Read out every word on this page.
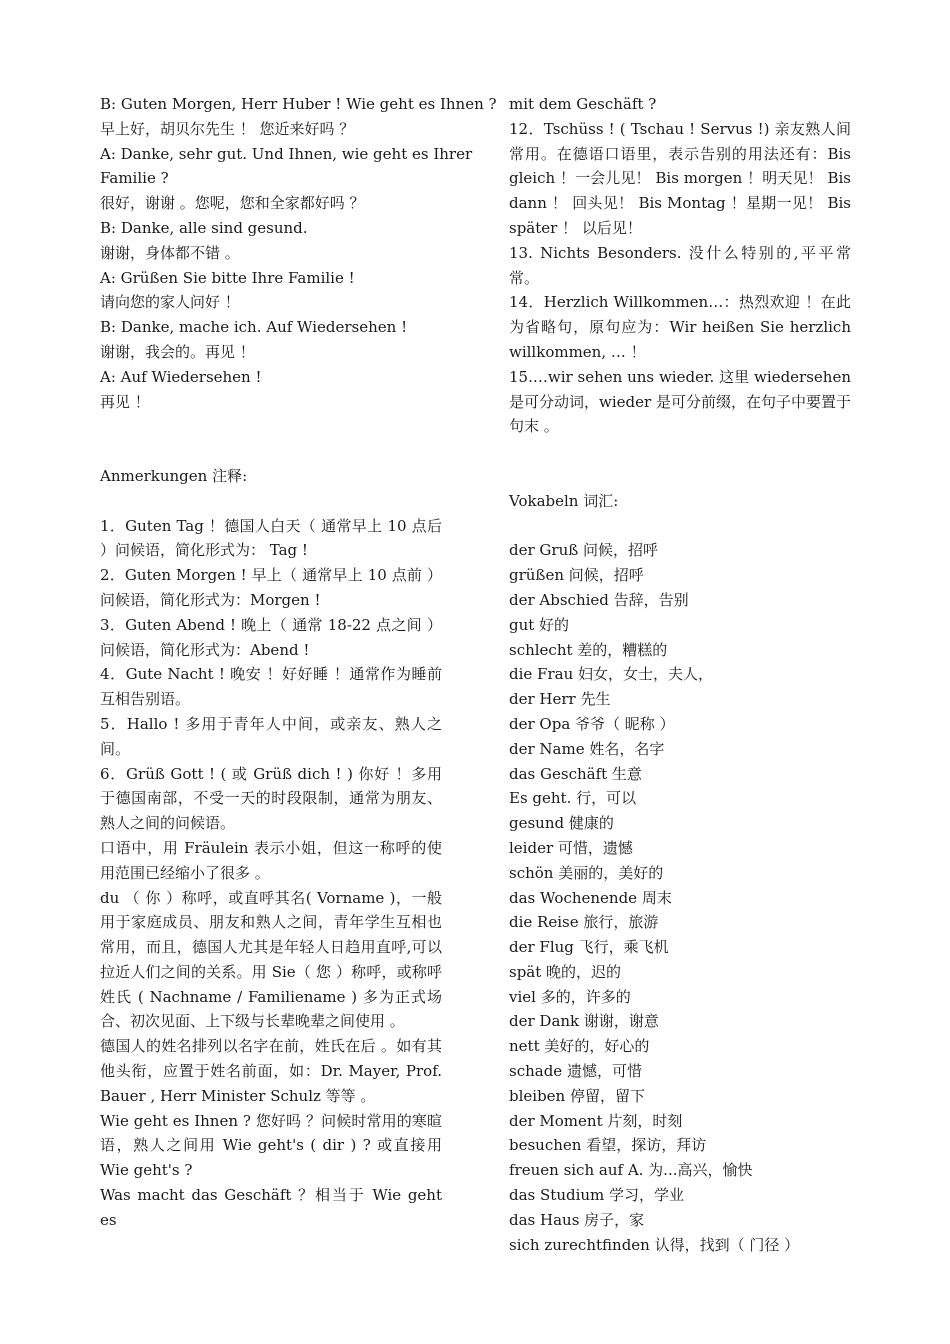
B: Guten Morgen, Herr Huber ! Wie geht es Ihnen ?
早上好，胡贝尔先生 ！ 您近来好吗 ？
A: Danke, sehr gut. Und Ihnen, wie geht es Ihrer
Familie ?
很好，谢谢 。您呢，您和全家都好吗 ？
B: Danke, alle sind gesund.
谢谢，身体都不错 。
A: Grüßen Sie bitte Ihre Familie !
请向您的家人问好 ！
B: Danke, mache ich. Auf Wiedersehen !
谢谢，我会的。再见 ！
A: Auf Wiedersehen !
再见 ！
Anmerkungen 注释:
1．Guten Tag ！德国人白天（ 通常早上 10 点后 ）问候语，简化形式为： Tag !
2．Guten Morgen ! 早上（ 通常早上 10 点前 ）问候语，简化形式为：Morgen !
3．Guten Abend ! 晚上（ 通常 18-22 点之间 ）问候语，简化形式为：Abend !
4．Gute Nacht ! 晚安 ！好好睡 ！通常作为睡前互相告别语。
5．Hallo ! 多用于青年人中间，或亲友、熟人之间。
6．Grüß Gott ! ( 或 Grüß dich ! ) 你好 ！多用于德国南部，不受一天的时段限制，通常为朋友、熟人之间的问候语。
口语中，用 Fräulein 表示小姐，但这一称呼的使用范围已经缩小了很多 。
du （ 你 ）称呼，或直呼其名( Vorname )，一般用于家庭成员、朋友和熟人之间，青年学生互相也常用，而且，德国人尤其是年轻人日趋用直呼,可以拉近人们之间的关系。用 Sie（ 您 ）称呼，或称呼姓氏 ( Nachname / Familiename ) 多为正式场合、初次见面、上下级与长辈晚辈之间使用 。
德国人的姓名排列以名字在前，姓氏在后 。如有其他头衔，应置于姓名前面，如：Dr. Mayer, Prof. Bauer , Herr Minister Schulz 等等 。
Wie geht es Ihnen ? 您好吗 ？问候时常用的寒暄语，熟人之间用 Wie geht's ( dir ) ? 或直接用 Wie geht's ?
Was macht das Geschäft ？相当于 Wie geht es
mit dem Geschäft ?
12．Tschüss ! ( Tschau ! Servus !) 亲友熟人间常用。在德语口语里，表示告别的用法还有：Bis gleich ！一会儿见！ Bis morgen ！明天见！ Bis dann ！ 回头见！ Bis Montag ！星期一见！ Bis später ！ 以后见！
13. Nichts Besonders. 没什么特别的,平平常常。
14．Herzlich Willkommen…：热烈欢迎 ！在此为省略句，原句应为：Wir heißen Sie herzlich willkommen, … ！
15.…wir sehen uns wieder. 这里 wiedersehen 是可分动词，wieder 是可分前缀，在句子中要置于句末 。
Vokabeln 词汇:
der Gruß 问候，招呼
grüßen 问候，招呼
der Abschied 告辞，告别
gut 好的
schlecht 差的，糟糕的
die Frau 妇女，女士，夫人，
der Herr 先生
der Opa 爷爷（ 昵称 ）
der Name 姓名，名字
das Geschäft 生意
Es geht. 行，可以
gesund 健康的
leider 可惜，遗憾
schön 美丽的，美好的
das Wochenende 周末
die Reise 旅行，旅游
der Flug 飞行，乘飞机
spät 晚的，迟的
viel 多的，许多的
der Dank 谢谢，谢意
nett 美好的，好心的
schade 遗憾，可惜
bleiben 停留，留下
der Moment 片刻，时刻
besuchen 看望，探访，拜访
freuen sich auf A. 为...高兴，愉快
das Studium 学习，学业
das Haus 房子，家
sich zurechtfinden 认得，找到（ 门径 ）
